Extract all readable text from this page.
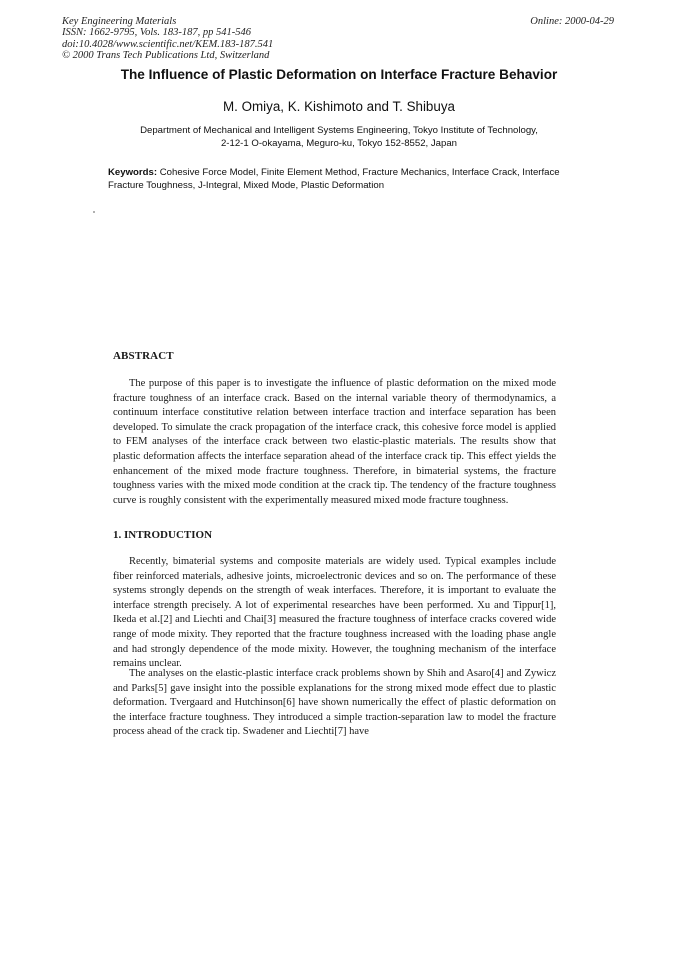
Key Engineering Materials
ISSN: 1662-9795, Vols. 183-187, pp 541-546
doi:10.4028/www.scientific.net/KEM.183-187.541
© 2000 Trans Tech Publications Ltd, Switzerland
Online: 2000-04-29
The Influence of Plastic Deformation on Interface Fracture Behavior
M. Omiya, K. Kishimoto and T. Shibuya
Department of Mechanical and Intelligent Systems Engineering, Tokyo Institute of Technology,
2-12-1 O-okayama, Meguro-ku, Tokyo 152-8552, Japan
Keywords: Cohesive Force Model, Finite Element Method, Fracture Mechanics, Interface Crack, Interface Fracture Toughness, J-Integral, Mixed Mode, Plastic Deformation
ABSTRACT

The purpose of this paper is to investigate the influence of plastic deformation on the mixed mode fracture toughness of an interface crack. Based on the internal variable theory of thermodynamics, a continuum interface constitutive relation between interface traction and interface separation has been developed. To simulate the crack propagation of the interface crack, this cohesive force model is applied to FEM analyses of the interface crack between two elastic-plastic materials. The results show that plastic deformation affects the interface separation ahead of the interface crack tip. This effect yields the enhancement of the mixed mode fracture toughness. Therefore, in bimaterial systems, the fracture toughness varies with the mixed mode condition at the crack tip. The tendency of the fracture toughness curve is roughly consistent with the experimentally measured mixed mode fracture toughness.

1. INTRODUCTION

Recently, bimaterial systems and composite materials are widely used. Typical examples include fiber reinforced materials, adhesive joints, microelectronic devices and so on. The performance of these systems strongly depends on the strength of weak interfaces. Therefore, it is important to evaluate the interface strength precisely. A lot of experimental researches have been performed. Xu and Tippur[1], Ikeda et al.[2] and Liechti and Chai[3] measured the fracture toughness of interface cracks covered wide range of mode mixity. They reported that the fracture toughness increased with the loading phase angle and had strongly dependence of the mode mixity. However, the toughning mechanism of the interface remains unclear.

The analyses on the elastic-plastic interface crack problems shown by Shih and Asaro[4] and Zywicz and Parks[5] gave insight into the possible explanations for the strong mixed mode effect due to plastic deformation. Tvergaard and Hutchinson[6] have shown numerically the effect of plastic deformation on the interface fracture toughness. They introduced a simple traction-separation law to model the fracture process ahead of the crack tip. Swadener and Liechti[7] have
